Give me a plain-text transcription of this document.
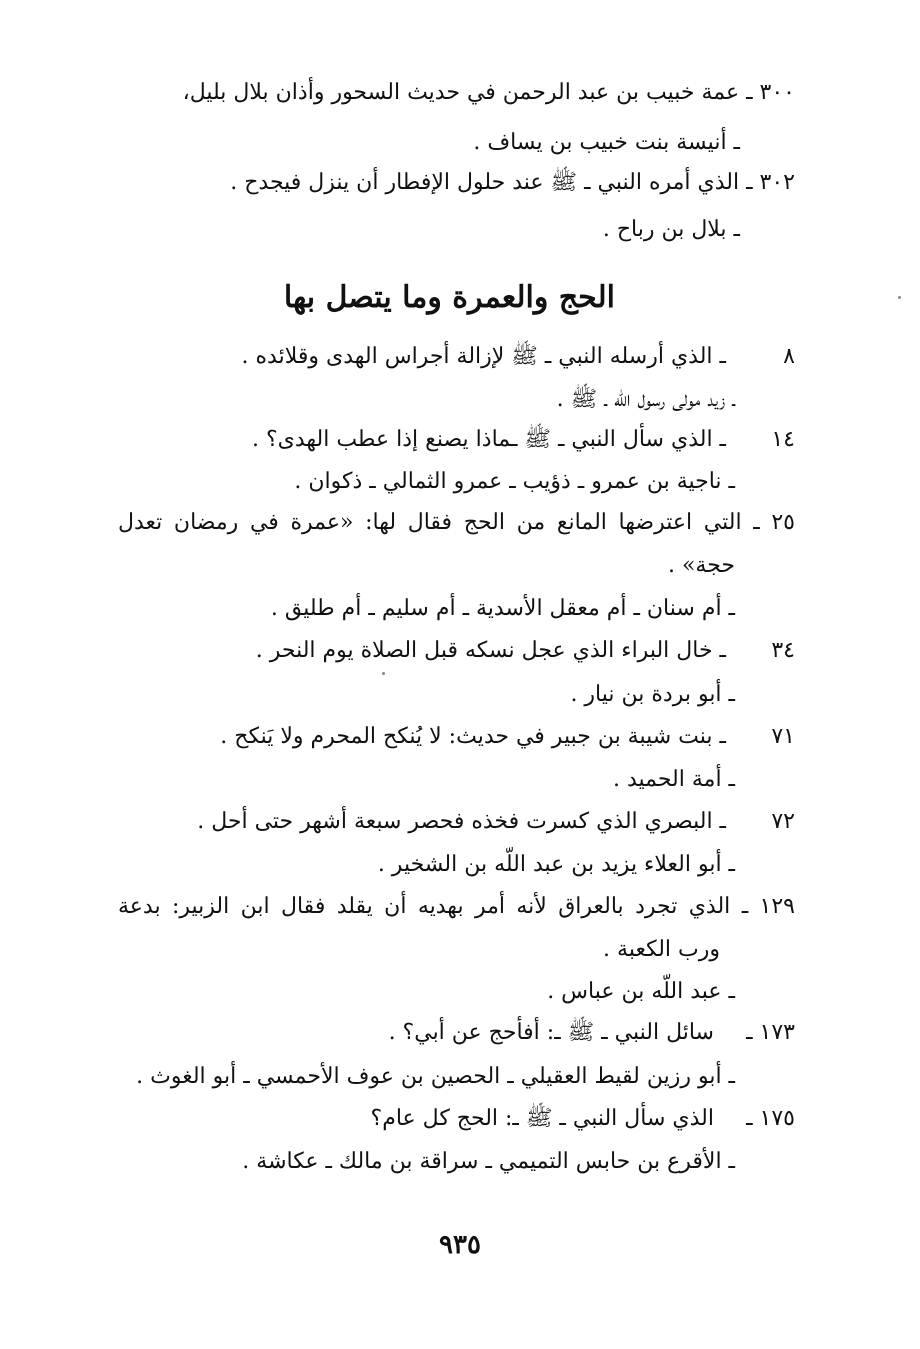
٣٠٠ ـ عمة خبيب بن عبد الرحمن في حديث السحور وأذان بلال بليل،
ـ أنيسة بنت خبيب بن يساف .
٣٠٢ ـ الذي أمره النبي ـ ﷺ عند حلول الإفطار أن ينزل فيجدح .
ـ بلال بن رباح .
الحج والعمرة وما يتصل بها
٨ ـ الذي أرسله النبي ـ ﷺ لإزالة أجراس الهدى وقلائده .
ـ زيد مولى رسول اللّه ـ ﷺ .
١٤ ـ الذي سأل النبي ـ ﷺ ـماذا يصنع إذا عطب الهدى؟ .
ـ ناجية بن عمرو ـ ذؤيب ـ عمرو الثمالي ـ ذكوان .
٢٥ ـ التي اعترضها المانع من الحج فقال لها: «عمرة في رمضان تعدل
حجة» .
ـ أم سنان ـ أم معقل الأسدية ـ أم سليم ـ أم طليق .
٣٤ ـ خال البراء الذي عجل نسكه قبل الصلاة يوم النحر .
ـ أبو بردة بن نيار .
٧١ ـ بنت شيبة بن جبير في حديث: لا يُنكح المحرم ولا يَنكح .
ـ أمة الحميد .
٧٢ ـ البصري الذي كسرت فخذه فحصر سبعة أشهر حتى أحل .
ـ أبو العلاء يزيد بن عبد اللّه بن الشخير .
١٢٩ ـ الذي تجرد بالعراق لأنه أمر بهديه أن يقلد فقال ابن الزبير: بدعة
ورب الكعبة .
ـ عبد اللّه بن عباس .
١٧٣ ـ سائل النبي ـ ﷺ ـ: أفأحج عن أبي؟ .
ـ أبو رزين لقيط العقيلي ـ الحصين بن عوف الأحمسي ـ أبو الغوث .
١٧٥ ـ الذي سأل النبي ـ ﷺ ـ: الحج كل عام؟
ـ الأقرع بن حابس التميمي ـ سراقة بن مالك ـ عكاشة .
٩٣٥
